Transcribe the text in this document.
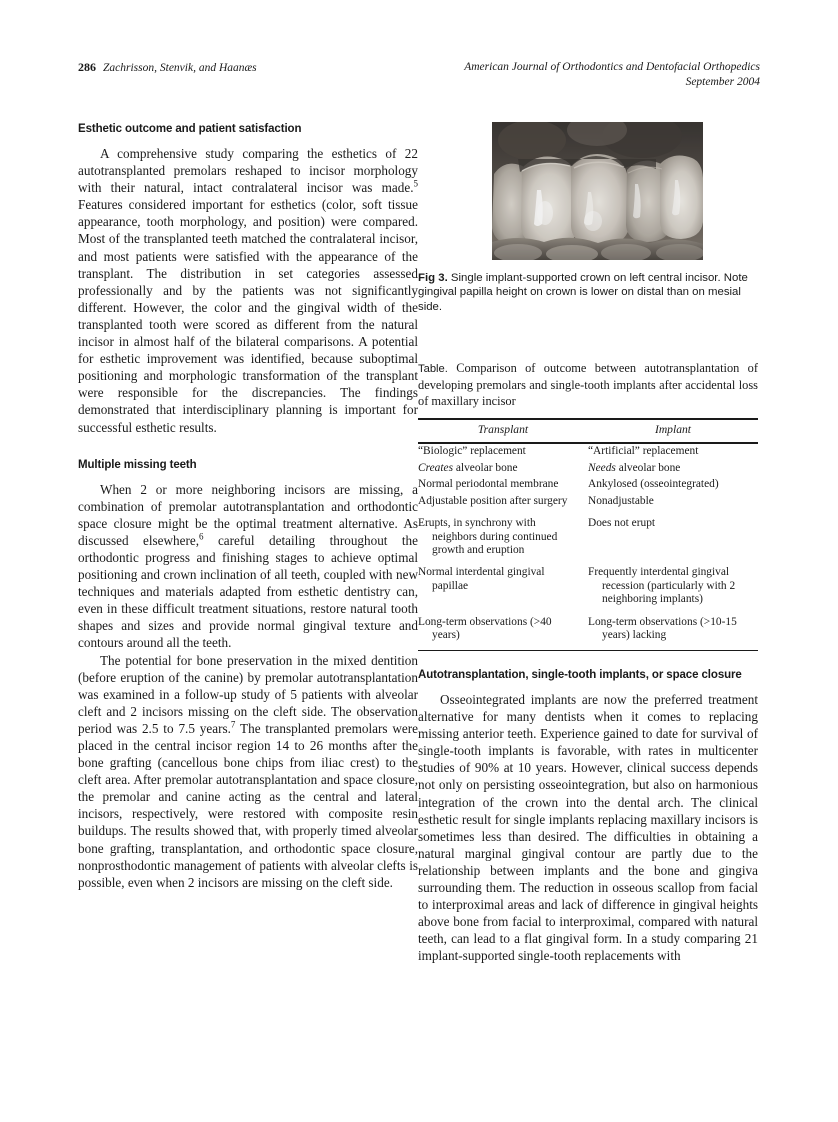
286 Zachrisson, Stenvik, and Haanæs	American Journal of Orthodontics and Dentofacial Orthopedics
September 2004
Esthetic outcome and patient satisfaction

A comprehensive study comparing the esthetics of 22 autotransplanted premolars reshaped to incisor morphology with their natural, intact contralateral incisor was made.$^5$ Features considered important for esthetics (color, soft tissue appearance, tooth morphology, and position) were compared. Most of the transplanted teeth matched the contralateral incisor, and most patients were satisfied with the appearance of the transplant. The distribution in set categories assessed professionally and by the patients was not significantly different. However, the color and the gingival width of the transplanted tooth were scored as different from the natural incisor in almost half of the bilateral comparisons. A potential for esthetic improvement was identified, because suboptimal positioning and morphologic transformation of the transplant were responsible for the discrepancies. The findings demonstrated that interdisciplinary planning is important for successful esthetic results.

Multiple missing teeth

When 2 or more neighboring incisors are missing, a combination of premolar autotransplantation and orthodontic space closure might be the optimal treatment alternative. As discussed elsewhere,$^6$ careful detailing throughout the orthodontic progress and finishing stages to achieve optimal positioning and crown inclination of all teeth, coupled with new techniques and materials adapted from esthetic dentistry can, even in these difficult treatment situations, restore natural tooth shapes and sizes and provide normal gingival texture and contours around all the teeth.

The potential for bone preservation in the mixed dentition (before eruption of the canine) by premolar autotransplantation was examined in a follow-up study of 5 patients with alveolar cleft and 2 incisors missing on the cleft side. The observation period was 2.5 to 7.5 years.$^7$ The transplanted premolars were placed in the central incisor region 14 to 26 months after the bone grafting (cancellous bone chips from iliac crest) to the cleft area. After premolar autotransplantation and space closure, the premolar and canine acting as the central and lateral incisors, respectively, were restored with composite resin buildups. The results showed that, with properly timed alveolar bone grafting, transplantation, and orthodontic space closure, nonprosthodontic management of patients with alveolar clefts is possible, even when 2 incisors are missing on the cleft side.

Fig 3. Single implant-supported crown on left central incisor. Note gingival papilla height on crown is lower on distal than on mesial side.
Table. Comparison of outcome between autotransplantation of developing premolars and single-tooth implants after accidental loss of maxillary incisor

Transplant	Implant

“Biologic” replacement	“Artificial” replacement

Creates alveolar bone	Needs alveolar bone

Normal periodontal membrane	Ankylosed (osseointegrated)

Adjustable position after surgery	Nonadjustable

Erupts, in synchrony with neighbors during continued growth and eruption	Does not erupt

Normal interdental gingival papillae	Frequently interdental gingival recession (particularly with 2 neighboring implants)

Long-term observations (>40 years)	Long-term observations (>10-15 years) lacking
Autotransplantation, single-tooth implants, or space closure

Osseointegrated implants are now the preferred treatment alternative for many dentists when it comes to replacing missing anterior teeth. Experience gained to date for survival of single-tooth implants is favorable, with rates in multicenter studies of 90% at 10 years. However, clinical success depends not only on persisting osseointegration, but also on harmonious integration of the crown into the dental arch. The clinical esthetic result for single implants replacing maxillary incisors is sometimes less than desired. The difficulties in obtaining a natural marginal gingival contour are partly due to the relationship between implants and the bone and gingiva surrounding them. The reduction in osseous scallop from facial to interproximal areas and lack of difference in gingival heights above bone from facial to interproximal, compared with natural teeth, can lead to a flat gingival form. In a study comparing 21 implant-supported single-tooth replacements with
